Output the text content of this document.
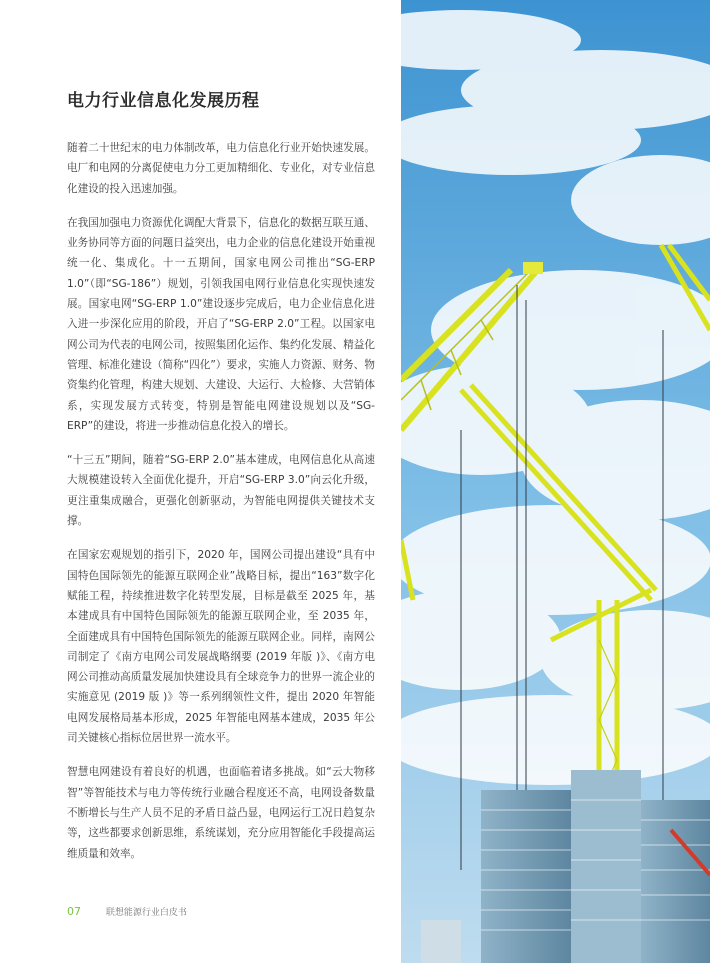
电力行业信息化发展历程

随着二十世纪末的电力体制改革，电力信息化行业开始快速发展。电厂和电网的分离促使电力分工更加精细化、专业化，对专业信息化建设的投入迅速加强。

在我国加强电力资源优化调配大背景下，信息化的数据互联互通、业务协同等方面的问题日益突出，电力企业的信息化建设开始重视统一化、集成化。十一五期间，国家电网公司推出“SG-ERP 1.0”（即“SG-186”）规划，引领我国电网行业信息化实现快速发展。国家电网“SG-ERP 1.0”建设逐步完成后，电力企业信息化进入进一步深化应用的阶段，开启了“SG-ERP 2.0”工程。以国家电网公司为代表的电网公司，按照集团化运作、集约化发展、精益化管理、标准化建设（简称“四化”）要求，实施人力资源、财务、物资集约化管理，构建大规划、大建设、大运行、大检修、大营销体系，实现发展方式转变，特别是智能电网建设规划以及“SG-ERP”的建设，将进一步推动信息化投入的增长。

“十三五”期间，随着“SG-ERP 2.0”基本建成，电网信息化从高速大规模建设转入全面优化提升，开启“SG-ERP 3.0”向云化升级，更注重集成融合，更强化创新驱动，为智能电网提供关键技术支撑。

在国家宏观规划的指引下，2020 年，国网公司提出建设“具有中国特色国际领先的能源互联网企业”战略目标，提出“163”数字化赋能工程，持续推进数字化转型发展，目标是截至 2025 年，基本建成具有中国特色国际领先的能源互联网企业，至 2035 年，全面建成具有中国特色国际领先的能源互联网企业。同样，南网公司制定了《南方电网公司发展战略纲要 (2019 年版 )》、《南方电网公司推动高质量发展加快建设具有全球竞争力的世界一流企业的实施意见 (2019 版 )》等一系列纲领性文件，提出 2020 年智能电网发展格局基本形成，2025 年智能电网基本建成，2035 年公司关键核心指标位居世界一流水平。

智慧电网建设有着良好的机遇，也面临着诸多挑战。如“云大物移智”等智能技术与电力等传统行业融合程度还不高，电网设备数量不断增长与生产人员不足的矛盾日益凸显，电网运行工况日趋复杂等，这些都要求创新思维，系统谋划，充分应用智能化手段提高运维质量和效率。

07	联想能源行业白皮书
